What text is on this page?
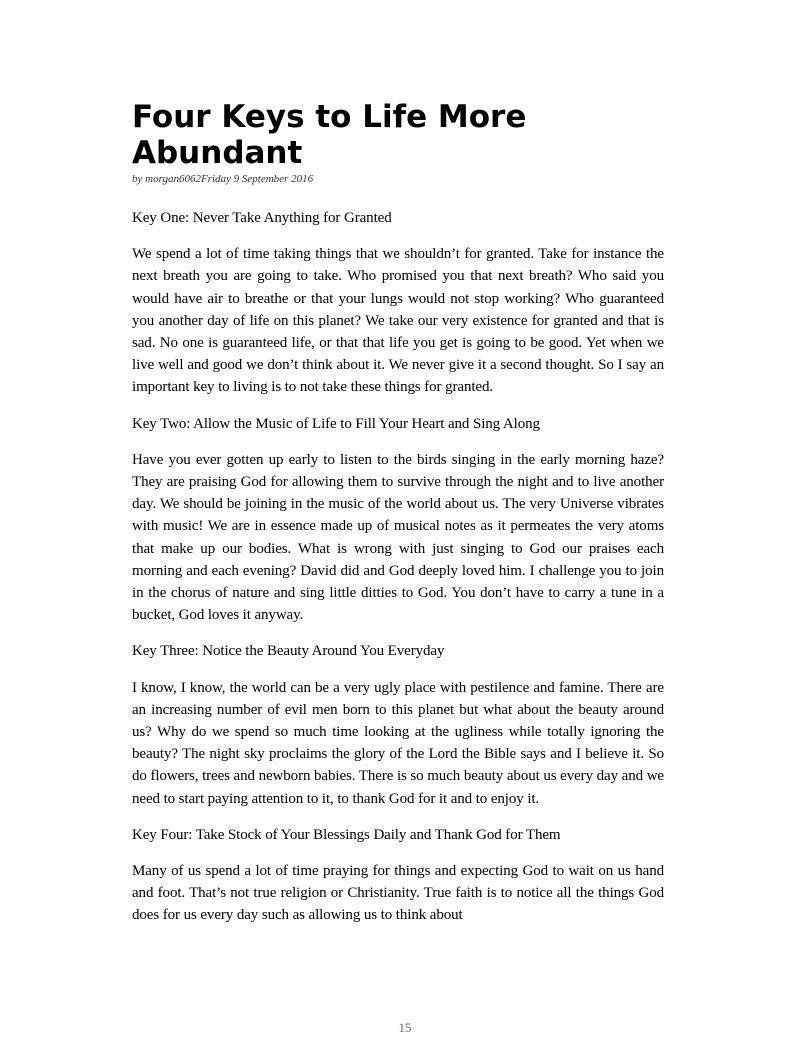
Four Keys to Life More Abundant
by morgan6062Friday 9 September 2016

Key One: Never Take Anything for Granted

We spend a lot of time taking things that we shouldn’t for granted. Take for instance the next breath you are going to take. Who promised you that next breath? Who said you would have air to breathe or that your lungs would not stop working? Who guaranteed you another day of life on this planet? We take our very existence for granted and that is sad. No one is guaranteed life, or that that life you get is going to be good. Yet when we live well and good we don’t think about it. We never give it a second thought. So I say an important key to living is to not take these things for granted.

Key Two: Allow the Music of Life to Fill Your Heart and Sing Along

Have you ever gotten up early to listen to the birds singing in the early morning haze? They are praising God for allowing them to survive through the night and to live another day. We should be joining in the music of the world about us. The very Universe vibrates with music! We are in essence made up of musical notes as it permeates the very atoms that make up our bodies. What is wrong with just singing to God our praises each morning and each evening? David did and God deeply loved him. I challenge you to join in the chorus of nature and sing little ditties to God. You don’t have to carry a tune in a bucket, God loves it anyway.

Key Three: Notice the Beauty Around You Everyday

I know, I know, the world can be a very ugly place with pestilence and famine. There are an increasing number of evil men born to this planet but what about the beauty around us? Why do we spend so much time looking at the ugliness while totally ignoring the beauty? The night sky proclaims the glory of the Lord the Bible says and I believe it. So do flowers, trees and newborn babies. There is so much beauty about us every day and we need to start paying attention to it, to thank God for it and to enjoy it.

Key Four: Take Stock of Your Blessings Daily and Thank God for Them

Many of us spend a lot of time praying for things and expecting God to wait on us hand and foot. That’s not true religion or Christianity. True faith is to notice all the things God does for us every day such as allowing us to think about

15
